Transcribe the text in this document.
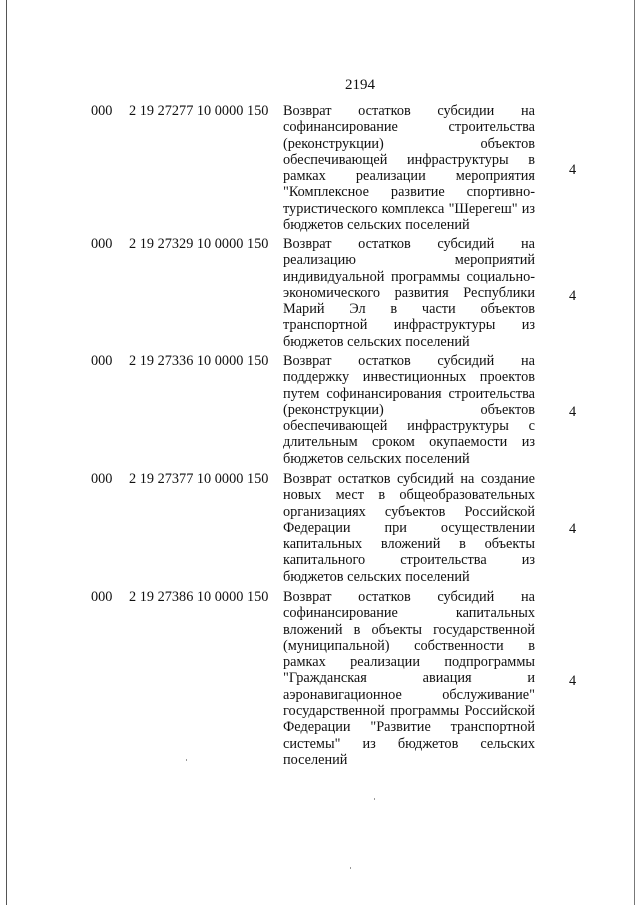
2194
000 2 19 27277 10 0000 150 Возврат остатков субсидии на софинансирование строительства (реконструкции) объектов обеспечивающей инфраструктуры в рамках реализации мероприятия "Комплексное развитие спортивно-туристического комплекса "Шерегеш" из бюджетов сельских поселений
4
000 2 19 27329 10 0000 150 Возврат остатков субсидий на реализацию мероприятий индивидуальной программы социально-экономического развития Республики Марий Эл в части объектов транспортной инфраструктуры из бюджетов сельских поселений
4
000 2 19 27336 10 0000 150 Возврат остатков субсидий на поддержку инвестиционных проектов путем софинансирования строительства (реконструкции) объектов обеспечивающей инфраструктуры с длительным сроком окупаемости из бюджетов сельских поселений
4
000 2 19 27377 10 0000 150 Возврат остатков субсидий на создание новых мест в общеобразовательных организациях субъектов Российской Федерации при осуществлении капитальных вложений в объекты капитального строительства из бюджетов сельских поселений
4
000 2 19 27386 10 0000 150 Возврат остатков субсидий на софинансирование капитальных вложений в объекты государственной (муниципальной) собственности в рамках реализации подпрограммы "Гражданская авиация и аэронавигационное обслуживание" государственной программы Российской Федерации "Развитие транспортной системы" из бюджетов сельских поселений
4
